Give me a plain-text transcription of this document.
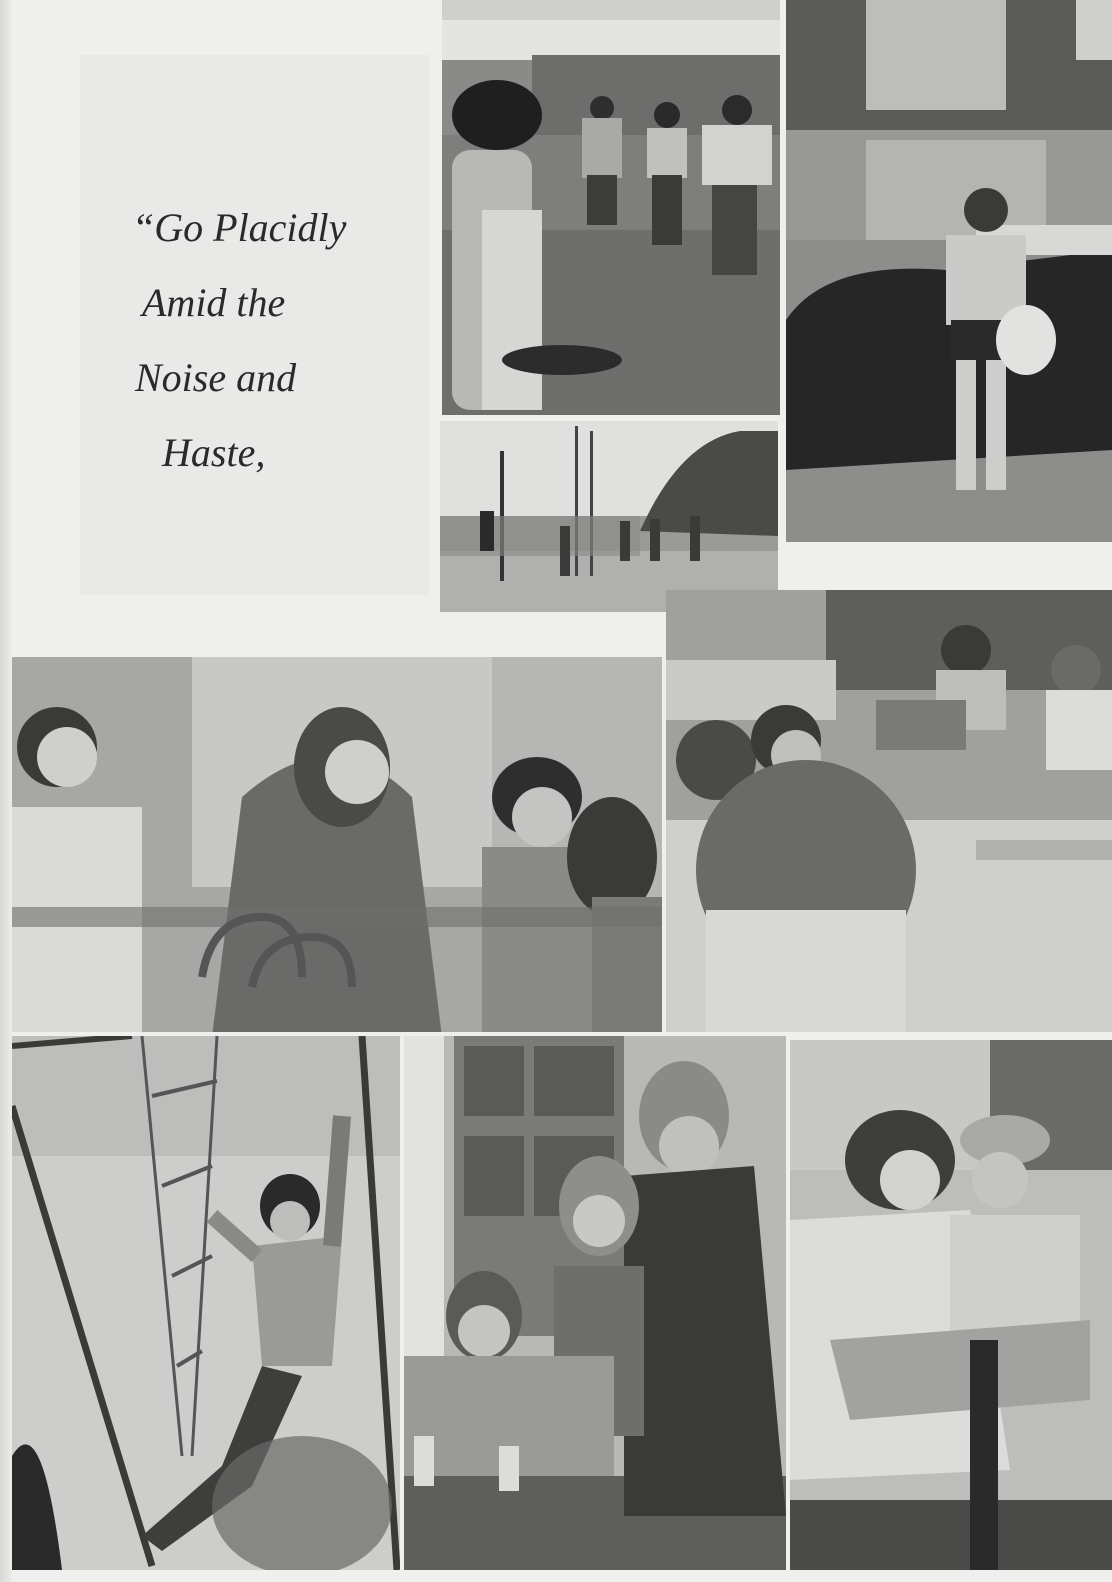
“Go Placidly
Amid the
Noise and
Haste,
